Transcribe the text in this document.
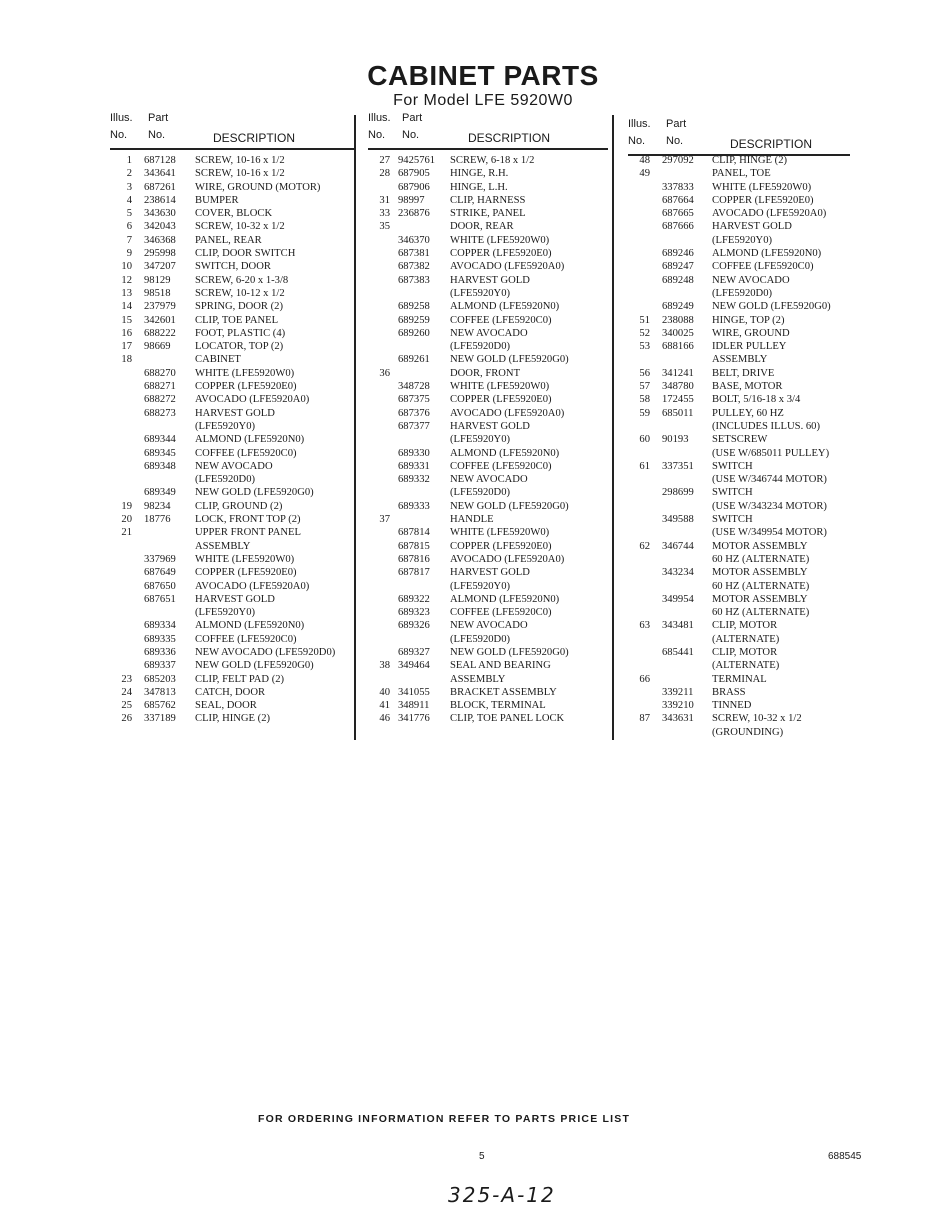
CABINET PARTS
For Model LFE 5920W0
Illus. Part
No. No.	DESCRIPTION
1 687128 SCREW, 10-16 x 1/2
2 343641 SCREW, 10-16 x 1/2
3 687261 WIRE, GROUND (MOTOR)
4 238614 BUMPER
5 343630 COVER, BLOCK
6 342043 SCREW, 10-32 x 1/2
7 346368 PANEL, REAR
9 295998 CLIP, DOOR SWITCH
10 347207 SWITCH, DOOR
12 98129 SCREW, 6-20 x 1-3/8
13 98518 SCREW, 10-12 x 1/2
14 237979 SPRING, DOOR (2)
15 342601 CLIP, TOE PANEL
16 688222 FOOT, PLASTIC (4)
17 98669 LOCATOR, TOP (2)
18	CABINET
688270 WHITE (LFE5920W0)
688271 COPPER (LFE5920E0)
688272 AVOCADO (LFE5920A0)
688273 HARVEST GOLD
(LFE5920Y0)
689344 ALMOND (LFE5920N0)
689345 COFFEE (LFE5920C0)
689348 NEW AVOCADO
(LFE5920D0)
689349 NEW GOLD (LFE5920G0)
19 98234 CLIP, GROUND (2)
20 18776 LOCK, FRONT TOP (2)
21	UPPER FRONT PANEL
ASSEMBLY
337969 WHITE (LFE5920W0)
687649 COPPER (LFE5920E0)
687650 AVOCADO (LFE5920A0)
687651 HARVEST GOLD
(LFE5920Y0)
689334 ALMOND (LFE5920N0)
689335 COFFEE (LFE5920C0)
689336 NEW AVOCADO (LFE5920D0)
689337 NEW GOLD (LFE5920G0)
23 685203 CLIP, FELT PAD (2)
24 347813 CATCH, DOOR
25 685762 SEAL, DOOR
26 337189 CLIP, HINGE (2)
Illus. Part
No. No.	DESCRIPTION
27 9425761 SCREW, 6-18 x 1/2
28 687905 HINGE, R.H.
687906 HINGE, L.H.
31 98997 CLIP, HARNESS
33 236876 STRIKE, PANEL
35	DOOR, REAR
346370 WHITE (LFE5920W0)
687381 COPPER (LFE5920E0)
687382 AVOCADO (LFE5920A0)
687383 HARVEST GOLD
(LFE5920Y0)
689258 ALMOND (LFE5920N0)
689259 COFFEE (LFE5920C0)
689260 NEW AVOCADO
(LFE5920D0)
689261 NEW GOLD (LFE5920G0)
36	DOOR, FRONT
348728 WHITE (LFE5920W0)
687375 COPPER (LFE5920E0)
687376 AVOCADO (LFE5920A0)
687377 HARVEST GOLD
(LFE5920Y0)
689330 ALMOND (LFE5920N0)
689331 COFFEE (LFE5920C0)
689332 NEW AVOCADO
(LFE5920D0)
689333 NEW GOLD (LFE5920G0)
37	HANDLE
687814 WHITE (LFE5920W0)
687815 COPPER (LFE5920E0)
687816 AVOCADO (LFE5920A0)
687817 HARVEST GOLD
(LFE5920Y0)
689322 ALMOND (LFE5920N0)
689323 COFFEE (LFE5920C0)
689326 NEW AVOCADO
(LFE5920D0)
689327 NEW GOLD (LFE5920G0)
38 349464 SEAL AND BEARING
ASSEMBLY
40 341055 BRACKET ASSEMBLY
41 348911 BLOCK, TERMINAL
46 341776 CLIP, TOE PANEL LOCK
Illus. Part
No. No.	DESCRIPTION
48 297092 CLIP, HINGE (2)
49	PANEL, TOE
337833 WHITE (LFE5920W0)
687664 COPPER (LFE5920E0)
687665 AVOCADO (LFE5920A0)
687666 HARVEST GOLD
(LFE5920Y0)
689246 ALMOND (LFE5920N0)
689247 COFFEE (LFE5920C0)
689248 NEW AVOCADO
(LFE5920D0)
689249 NEW GOLD (LFE5920G0)
51 238088 HINGE, TOP (2)
52 340025 WIRE, GROUND
53 688166 IDLER PULLEY
ASSEMBLY
56 341241 BELT, DRIVE
57 348780 BASE, MOTOR
58 172455 BOLT, 5/16-18 x 3/4
59 685011 PULLEY, 60 HZ
(INCLUDES ILLUS. 60)
60 90193 SETSCREW
(USE W/685011 PULLEY)
61 337351 SWITCH
(USE W/346744 MOTOR)
298699 SWITCH
(USE W/343234 MOTOR)
349588 SWITCH
(USE W/349954 MOTOR)
62 346744 MOTOR ASSEMBLY
60 HZ (ALTERNATE)
343234 MOTOR ASSEMBLY
60 HZ (ALTERNATE)
349954 MOTOR ASSEMBLY
60 HZ (ALTERNATE)
63 343481 CLIP, MOTOR
(ALTERNATE)
685441 CLIP, MOTOR
(ALTERNATE)
66	TERMINAL
339211 BRASS
339210 TINNED
87 343631 SCREW, 10-32 x 1/2
(GROUNDING)
FOR ORDERING INFORMATION REFER TO PARTS PRICE LIST
5	688545
325-A-12
